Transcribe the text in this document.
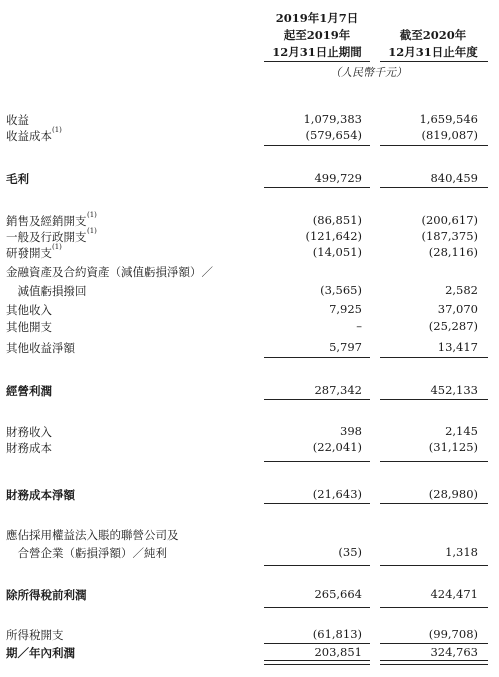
2019年1月7日
起至2019年
12月31日止期間
截至2020年
12月31日止年度
（人民幣千元）
收益	1,079,383	1,659,546
收益成本 (1)	(579,654)	(819,087)
毛利	499,729	840,459
銷售及經銷開支 (1)	(86,851)	(200,617)
一般及行政開支 (1)	(121,642)	(187,375)
研發開支 (1)	(14,051)	(28,116)
金融資產及合約資產（減值虧損淨額）／
　減值虧損撥回	(3,565)	2,582
其他收入	7,925	37,070
其他開支	–	(25,287)
其他收益淨額	5,797	13,417
經營利潤	287,342	452,133
財務收入	398	2,145
財務成本	(22,041)	(31,125)
財務成本淨額	(21,643)	(28,980)
應佔採用權益法入賬的聯營公司及
　合營企業（虧損淨額）／純利	(35)	1,318
除所得稅前利潤	265,664	424,471
所得稅開支	(61,813)	(99,708)
期／年內利潤	203,851	324,763
